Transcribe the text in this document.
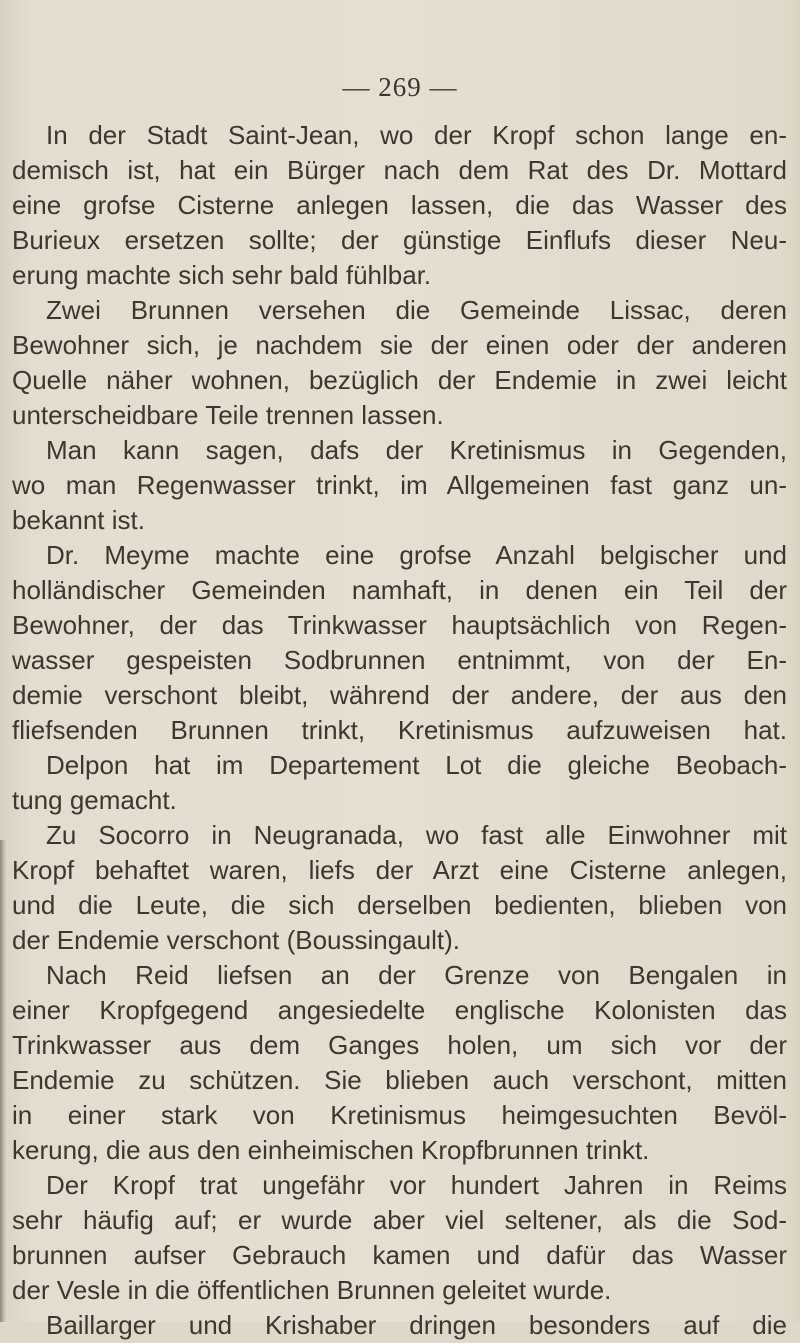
— 269 —
In der Stadt Saint-Jean, wo der Kropf schon lange en-
demisch ist, hat ein Bürger nach dem Rat des Dr. Mottard
eine grofse Cisterne anlegen lassen, die das Wasser des
Burieux ersetzen sollte; der günstige Einflufs dieser Neu-
erung machte sich sehr bald fühlbar.
Zwei Brunnen versehen die Gemeinde Lissac, deren
Bewohner sich, je nachdem sie der einen oder der anderen
Quelle näher wohnen, bezüglich der Endemie in zwei leicht
unterscheidbare Teile trennen lassen.
Man kann sagen, dafs der Kretinismus in Gegenden,
wo man Regenwasser trinkt, im Allgemeinen fast ganz un-
bekannt ist.
Dr. Meyme machte eine grofse Anzahl belgischer und
holländischer Gemeinden namhaft, in denen ein Teil der
Bewohner, der das Trinkwasser hauptsächlich von Regen-
wasser gespeisten Sodbrunnen entnimmt, von der En-
demie verschont bleibt, während der andere, der aus den
fliefsenden Brunnen trinkt, Kretinismus aufzuweisen hat.
Delpon hat im Departement Lot die gleiche Beobach-
tung gemacht.
Zu Socorro in Neugranada, wo fast alle Einwohner mit
Kropf behaftet waren, liefs der Arzt eine Cisterne anlegen,
und die Leute, die sich derselben bedienten, blieben von
der Endemie verschont (Boussingault).
Nach Reid liefsen an der Grenze von Bengalen in
einer Kropfgegend angesiedelte englische Kolonisten das
Trinkwasser aus dem Ganges holen, um sich vor der
Endemie zu schützen. Sie blieben auch verschont, mitten
in einer stark von Kretinismus heimgesuchten Bevöl-
kerung, die aus den einheimischen Kropfbrunnen trinkt.
Der Kropf trat ungefähr vor hundert Jahren in Reims
sehr häufig auf; er wurde aber viel seltener, als die Sod-
brunnen aufser Gebrauch kamen und dafür das Wasser
der Vesle in die öffentlichen Brunnen geleitet wurde.
Baillarger und Krishaber dringen besonders auf die
